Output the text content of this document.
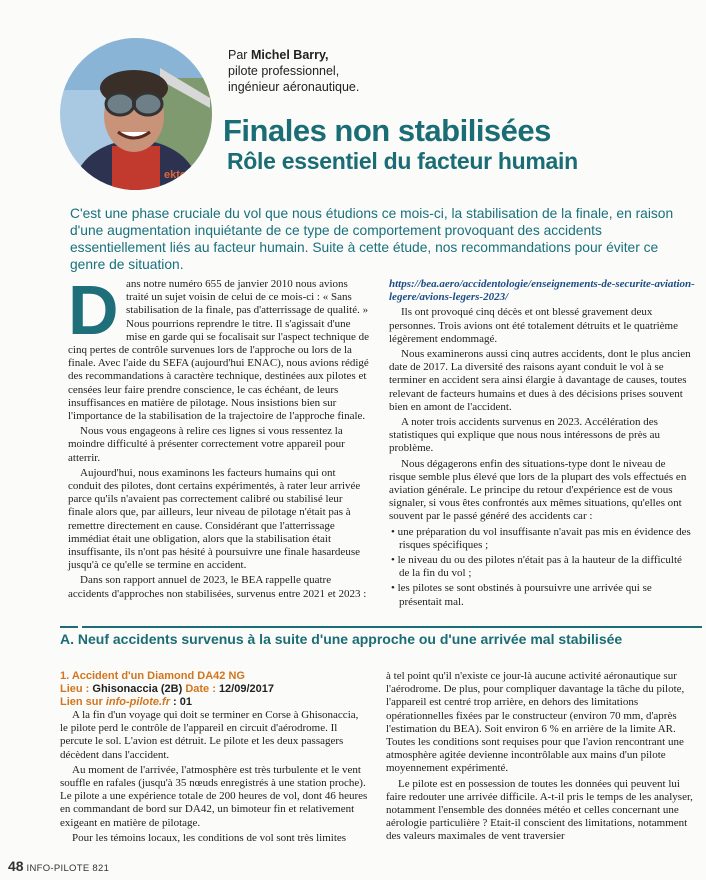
ekto
Par Michel Barry,
pilote professionnel,
ingénieur aéronautique.
Finales non stabilisées
Rôle essentiel du facteur humain
C'est une phase cruciale du vol que nous étudions ce mois-ci, la stabilisation de la finale, en raison d'une augmentation inquiétante de ce type de comportement provoquant des accidents essentiellement liés au facteur humain. Suite à cette étude, nos recommandations pour éviter ce genre de situation.

Dans notre numéro 655 de janvier 2010 nous avions traité un sujet voisin de celui de ce mois-ci : « Sans stabilisation de la finale, pas d'atterrissage de qualité. » Nous pourrions reprendre le titre. Il s'agissait d'une mise en garde qui se focalisait sur l'aspect technique de cinq pertes de contrôle survenues lors de l'approche ou lors de la finale. Avec l'aide du SEFA (aujourd'hui ENAC), nous avions rédigé des recommandations à caractère technique, destinées aux pilotes et censées leur faire prendre conscience, le cas échéant, de leurs insuffisances en matière de pilotage. Nous insistions bien sur l'importance de la stabilisation de la trajectoire de l'approche finale.

Nous vous engageons à relire ces lignes si vous ressentez la moindre difficulté à présenter correctement votre appareil pour atterrir.

Aujourd'hui, nous examinons les facteurs humains qui ont conduit des pilotes, dont certains expérimentés, à rater leur arrivée parce qu'ils n'avaient pas correctement calibré ou stabilisé leur finale alors que, par ailleurs, leur niveau de pilotage n'était pas à remettre directement en cause. Considérant que l'atterrissage immédiat était une obligation, alors que la stabilisation était insuffisante, ils n'ont pas hésité à poursuivre une finale hasardeuse jusqu'à ce qu'elle se termine en accident.

Dans son rapport annuel de 2023, le BEA rappelle quatre accidents d'approches non stabilisées, survenus entre 2021 et 2023 :

https://bea.aero/accidentologie/enseignements-de-securite-aviation-legere/avions-legers-2023/

Ils ont provoqué cinq décès et ont blessé gravement deux personnes. Trois avions ont été totalement détruits et le quatrième légèrement endommagé.

Nous examinerons aussi cinq autres accidents, dont le plus ancien date de 2017. La diversité des raisons ayant conduit le vol à se terminer en accident sera ainsi élargie à davantage de causes, toutes relevant de facteurs humains et dues à des décisions prises souvent bien en amont de l'accident.

A noter trois accidents survenus en 2023. Accélération des statistiques qui explique que nous nous intéressons de près au problème.

Nous dégagerons enfin des situations-type dont le niveau de risque semble plus élevé que lors de la plupart des vols effectués en aviation générale. Le principe du retour d'expérience est de vous signaler, si vous êtes confrontés aux mêmes situations, qu'elles ont souvent par le passé généré des accidents car :

• une préparation du vol insuffisante n'avait pas mis en évidence des risques spécifiques ;

• le niveau du ou des pilotes n'était pas à la hauteur de la difficulté de la fin du vol ;

• les pilotes se sont obstinés à poursuivre une arrivée qui se présentait mal.

A. Neuf accidents survenus à la suite d'une approche ou d'une arrivée mal stabilisée
1. Accident d'un Diamond DA42 NG
Lieu : Ghisonaccia (2B) Date : 12/09/2017
Lien sur info-pilote.fr : 01

A la fin d'un voyage qui doit se terminer en Corse à Ghisonaccia, le pilote perd le contrôle de l'appareil en circuit d'aérodrome. Il percute le sol. L'avion est détruit. Le pilote et les deux passagers décèdent dans l'accident.

Au moment de l'arrivée, l'atmosphère est très turbulente et le vent souffle en rafales (jusqu'à 35 nœuds enregistrés à une station proche). Le pilote a une expérience totale de 200 heures de vol, dont 46 heures en commandant de bord sur DA42, un bimoteur fin et relativement exigeant en matière de pilotage.

Pour les témoins locaux, les conditions de vol sont très limites

à tel point qu'il n'existe ce jour-là aucune activité aéronautique sur l'aérodrome. De plus, pour compliquer davantage la tâche du pilote, l'appareil est centré trop arrière, en dehors des limitations opérationnelles fixées par le constructeur (environ 70 mm, d'après l'estimation du BEA). Soit environ 6 % en arrière de la limite AR. Toutes les conditions sont requises pour que l'avion rencontrant une atmosphère agitée devienne incontrôlable aux mains d'un pilote moyennement expérimenté.

Le pilote est en possession de toutes les données qui peuvent lui faire redouter une arrivée difficile. A-t-il pris le temps de les analyser, notamment l'ensemble des données météo et celles concernant une aérologie particulière ? Etait-il conscient des limitations, notamment des valeurs maximales de vent traversier

48 INFO-PILOTE 821
